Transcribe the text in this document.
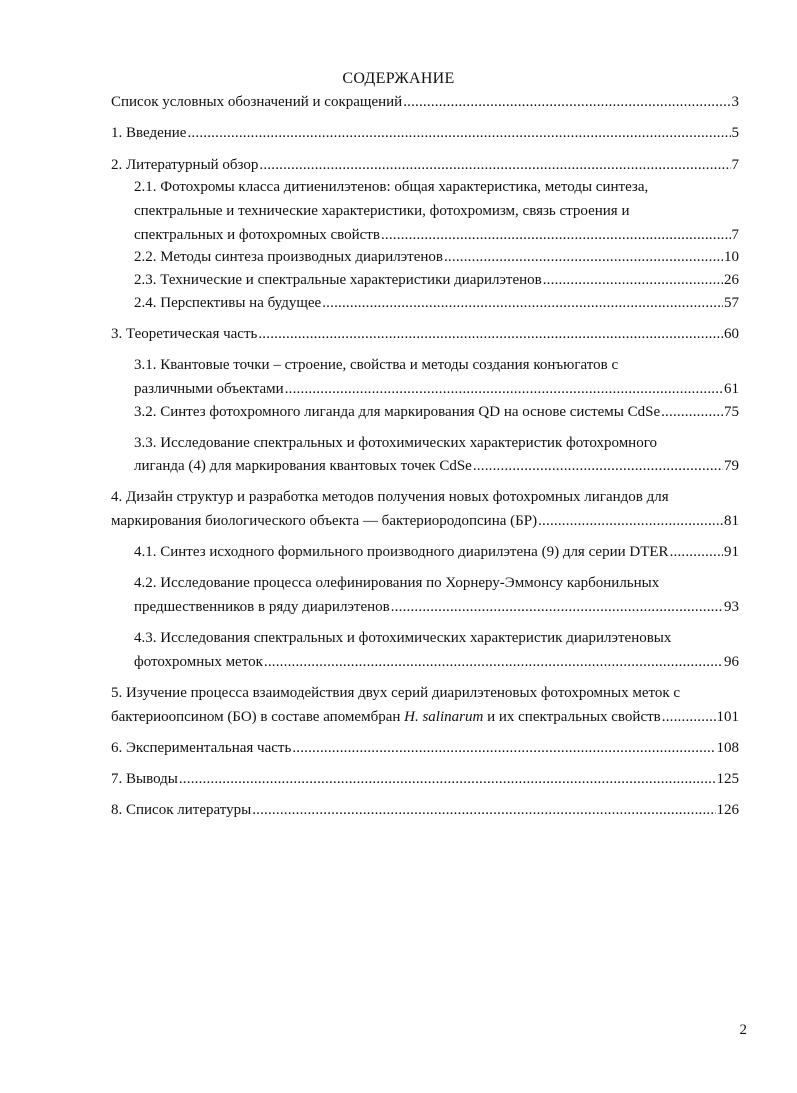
СОДЕРЖАНИЕ
Список условных обозначений и сокращений .....	3
1. Введение .....	5
2. Литературный обзор .....	7
2.1. Фотохромы класса дитиенилэтенов: общая характеристика, методы синтеза,
спектральные и технические характеристики, фотохромизм, связь строения и
спектральных и фотохромных свойств .....	7
2.2. Методы синтеза производных диарилэтенов .....	10
2.3. Технические и спектральные характеристики диарилэтенов .....	26
2.4. Перспективы на будущее .....	57
3. Теоретическая часть .....	60
3.1. Квантовые точки – строение, свойства и методы создания конъюгатов с
различными объектами .....	61
3.2. Синтез фотохромного лиганда для маркирования QD на основе системы CdSe .....	75
3.3. Исследование спектральных и фотохимических характеристик фотохромного
лиганда (4) для маркирования квантовых точек CdSe .....	79
4. Дизайн структур и разработка методов получения новых фотохромных лигандов для
маркирования биологического объекта — бактериородопсина (БР) .....	81
4.1. Синтез исходного формильного производного диарилэтена (9) для серии DTER .....	91
4.2. Исследование процесса олефинирования по Хорнеру-Эммонсу карбонильных
предшественников в ряду диарилэтенов .....	93
4.3. Исследования спектральных и фотохимических характеристик диарилэтеновых
фотохромных меток .....	96
5. Изучение процесса взаимодействия двух серий диарилэтеновых фотохромных меток с
бактериоопсином (БО) в составе апомембран H. salinarum и их спектральных свойств .....	101
6. Экспериментальная часть .....	108
7. Выводы .....	125
8. Список литературы .....	126
2
